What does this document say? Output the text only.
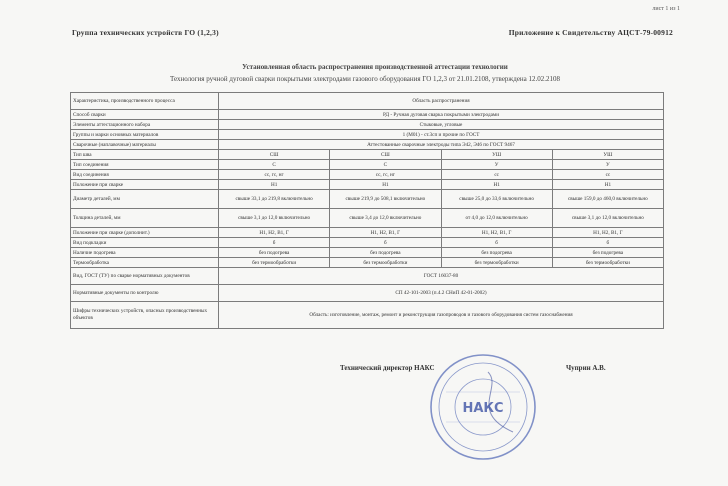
лист 1 из 1
Группа технических устройств ГО (1,2,3)	Приложение к Свидетельству АЦСТ-79-00912
Установленная область распространения производственной аттестации технологии
Технология ручной дуговой сварки покрытыми электродами газового оборудования ГО 1,2,3 от 21.01.2108, утверждена 12.02.2108
Характеристика, производственного процесса	Область распространения			
Способ сварки	РД - Ручная дуговая сварка покрытыми электродами			
Элементы аттестационного набора	Стыковые, угловые			
Группы и марки основных материалов	1 (M01) - ст.3сп и прочие по ГОСТ			
Сварочные (наплавочные) материалы	Аттестованные сварочные электроды типа Э42, Э46 по ГОСТ 9467			
Тип шва	СШ	СШ	УШ	УШ
Тип соединения	С	С	У	У
Вид соединения	сс, гс, нг	сс, гс, нг	сс	сс
Положение при сварке	Н1	Н1	Н1	Н1
Диаметр деталей, мм	свыше 33,1 до 219,8 включительно	свыше 219,9 до 508,1 включительно	свыше 25,0 до 33,6 включительно	свыше 159,0 до 460,0 включительно
Толщина деталей, мм	свыше 3,1 до 12,0 включительно	свыше 3,4 до 12,0 включительно	от 4,0 до 12,0 включительно	свыше 3,1 до 12,0 включительно
Положение при сварке (дополнит.)	Н1, Н2, В1, Г	Н1, Н2, В1, Г	Н1, Н2, В1, Г	Н1, Н2, В1, Г
Вид подкладки	б	б	б	б
Наличие подогрева	без подогрева	без подогрева	без подогрева	без подогрева
Термообработка	без термообработки	без термообработки	без термообработки	без термообработки
Вид, ГОСТ (ТУ) по сварке нормативных документов	ГОСТ 16037-80			
Нормативные документы по контролю	СП 42-101-2003 (п.4.2 СНиП 42-01-2002)			
Шифры технических устройств, опасных производственных объектов	Область: изготовление, монтаж, ремонт и реконструкция газопроводов и газового оборудования систем газоснабжения			
Технический директор НАКС	Чуприн А.В.
НАКС
